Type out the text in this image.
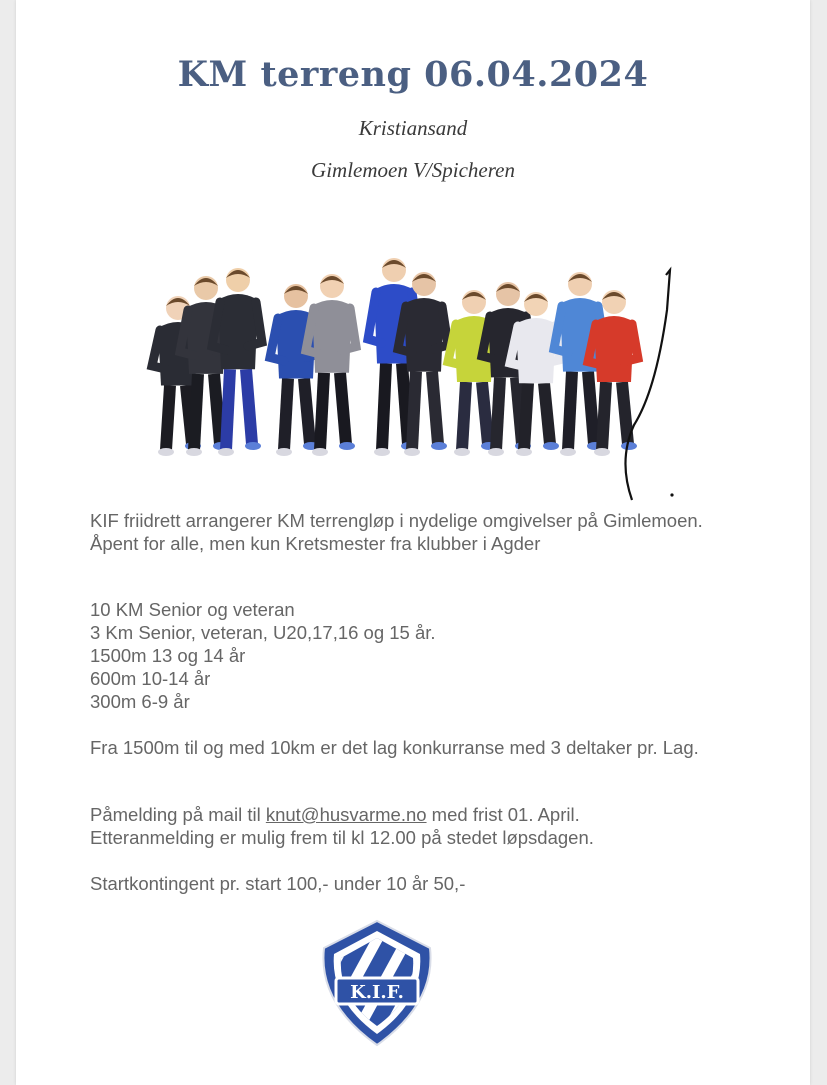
KM terreng 06.04.2024

Kristiansand

Gimlemoen V/Spicheren

KIF friidrett arrangerer KM terrengløp i nydelige omgivelser på Gimlemoen. Åpent for alle, men kun Kretsmester fra klubber i Agder

10 KM Senior og veteran
3 Km Senior, veteran, U20,17,16 og 15 år.
1500m 13 og 14 år
600m 10-14 år
300m 6-9 år

Fra 1500m til og med 10km er det lag konkurranse med 3 deltaker pr. Lag.

Påmelding på mail til knut@husvarme.no med frist 01. April.
Etteranmelding er mulig frem til kl 12.00 på stedet løpsdagen.

Startkontingent pr. start 100,- under 10 år 50,-

K.I.F.
